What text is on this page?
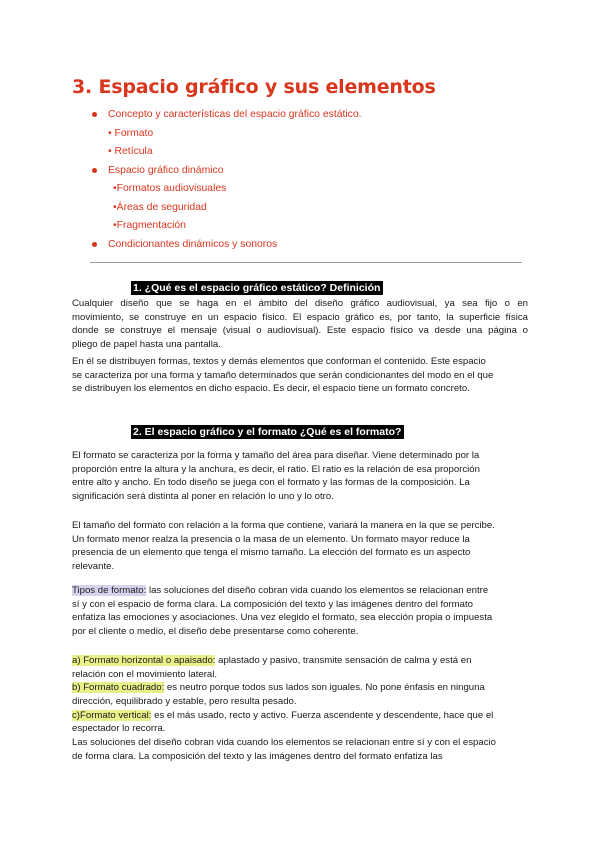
3. Espacio gráfico y sus elementos
Concepto y características del espacio gráfico estático.
• Formato
• Retícula
Espacio gráfico dinámico
•Formatos audiovisuales
•Áreas de seguridad
•Fragmentación
Condicionantes dinámicos y sonoros
1. ¿Qué es el espacio gráfico estático? Definición
Cualquier diseño que se haga en el ámbito del diseño gráfico audiovisual, ya sea fijo o en
movimiento, se construye en un espacio físico. El espacio gráfico es, por tanto, la superficie física
donde se construye el mensaje (visual o audiovisual). Este espacio físico va desde una página o
pliego de papel hasta una pantalla.
En él se distribuyen formas, textos y demás elementos que conforman el contenido. Este espacio
se caracteriza por una forma y tamaño determinados que serán condicionantes del modo en el que
se distribuyen los elementos en dicho espacio. Es decir, el espacio tiene un formato concreto.
2. El espacio gráfico y el formato ¿Qué es el formato?
El formato se caracteriza por la forma y tamaño del área para diseñar. Viene determinado por la
proporción entre la altura y la anchura, es decir, el ratio. El ratio es la relación de esa proporción
entre alto y ancho. En todo diseño se juega con el formato y las formas de la composición. La
significación será distinta al poner en relación lo uno y lo otro.
El tamaño del formato con relación a la forma que contiene, variará la manera en la que se percibe.
Un formato menor realza la presencia o la masa de un elemento. Un formato mayor reduce la
presencia de un elemento que tenga el mismo tamaño. La elección del formato es un aspecto
relevante.
Tipos de formato: las soluciones del diseño cobran vida cuando los elementos se relacionan entre
sí y con el espacio de forma clara. La composición del texto y las imágenes dentro del formato
enfatiza las emociones y asociaciones. Una vez elegido el formato, sea elección propia o impuesta
por el cliente o medio, el diseño debe presentarse como coherente.
a) Formato horizontal o apaisado: aplastado y pasivo, transmite sensación de calma y está en
relación con el movimiento lateral.
b) Formato cuadrado: es neutro porque todos sus lados son iguales. No pone énfasis en ninguna
dirección, equilibrado y estable, pero resulta pesado.
c)Formato vertical: es el más usado, recto y activo. Fuerza ascendente y descendente, hace que el
espectador lo recorra.
Las soluciones del diseño cobran vida cuando los elementos se relacionan entre sí y con el espacio
de forma clara. La composición del texto y las imágenes dentro del formato enfatiza las
